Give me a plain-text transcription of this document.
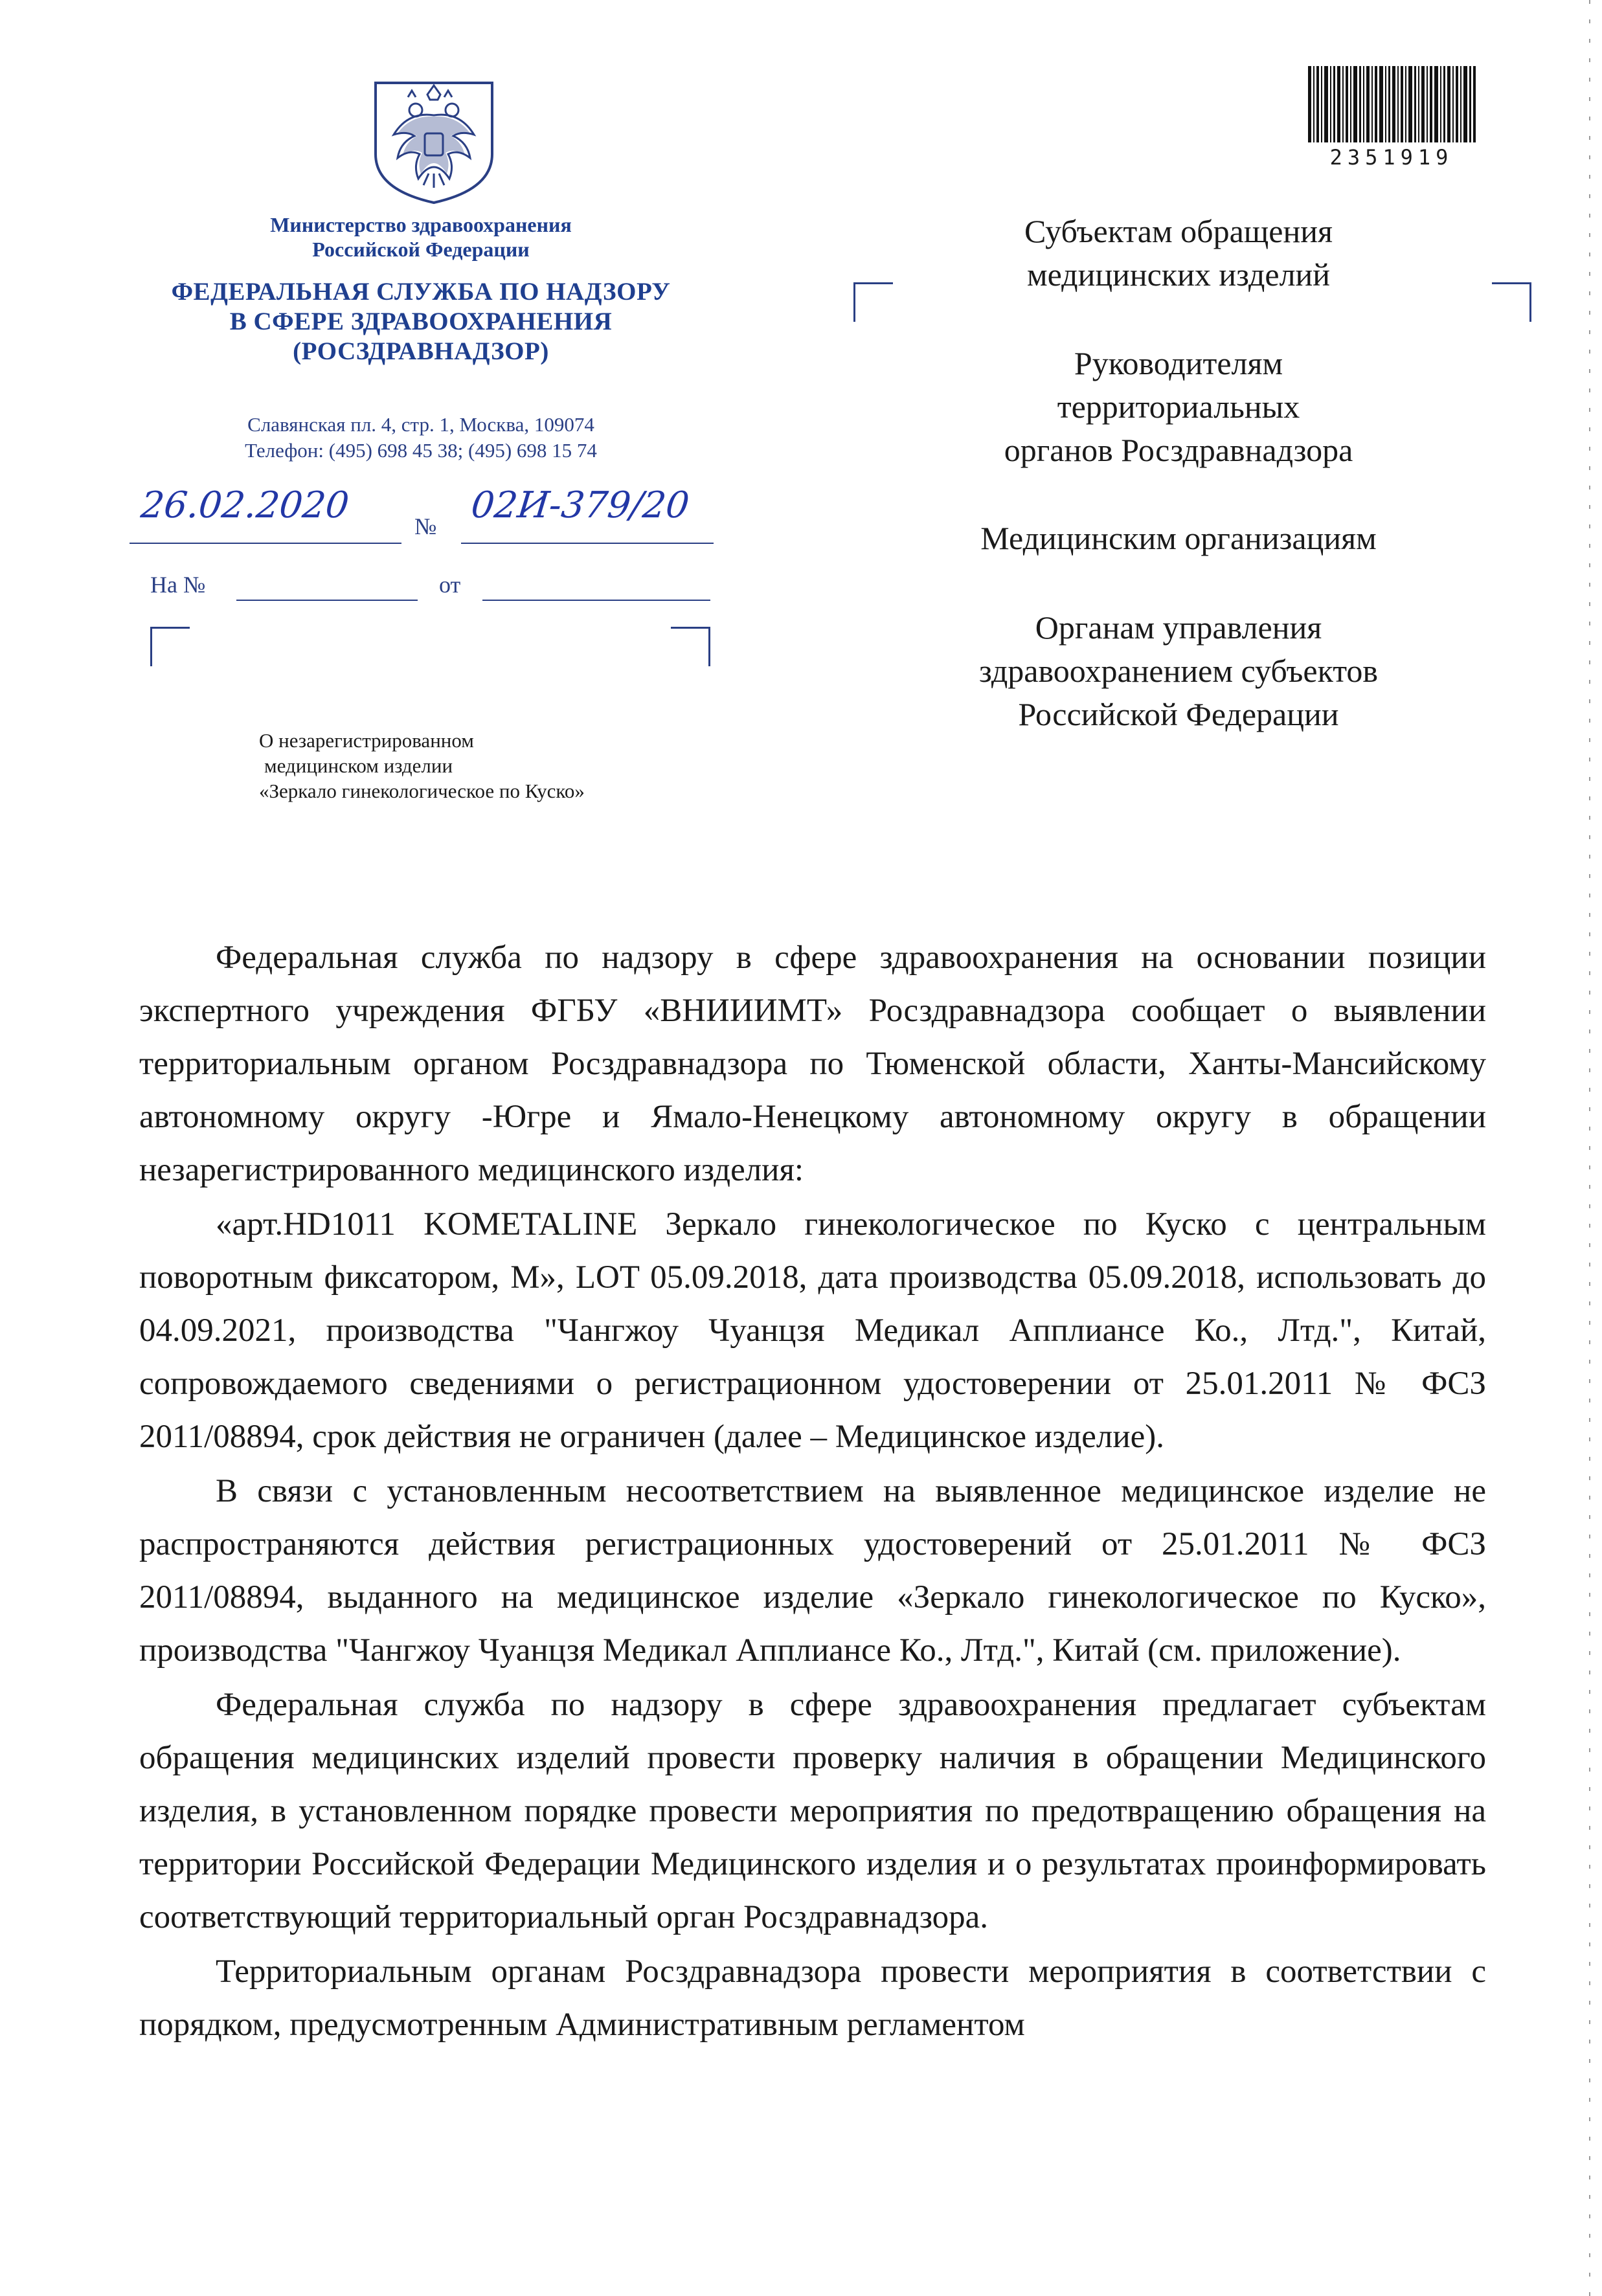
Министерство здравоохранения
Российской Федерации
ФЕДЕРАЛЬНАЯ СЛУЖБА ПО НАДЗОРУ
В СФЕРЕ ЗДРАВООХРАНЕНИЯ
(РОСЗДРАВНАДЗОР)
Славянская пл. 4, стр. 1, Москва, 109074
Телефон: (495) 698 45 38; (495) 698 15 74
26.02.2020	№ 02И-379/20
На №	от
О незарегистрированном
медицинском изделии
«Зеркало гинекологическое по Куско»
2351919
Субъектам обращения
медицинских изделий
Руководителям
территориальных
органов Росздравнадзора
Медицинским организациям
Органам управления
здравоохранением субъектов
Российской Федерации

Федеральная служба по надзору в сфере здравоохранения на основании позиции экспертного учреждения ФГБУ «ВНИИИМТ» Росздравнадзора сообщает о выявлении территориальным органом Росздравнадзора по Тюменской области, Ханты-Мансийскому автономному округу -Югре и Ямало-Ненецкому автономному округу в обращении незарегистрированного медицинского изделия:

«арт.HD1011 KOMETALINE Зеркало гинекологическое по Куско с центральным поворотным фиксатором, М», LOT 05.09.2018, дата производства 05.09.2018, использовать до 04.09.2021, производства "Чангжоу Чуанцзя Медикал Апплиансе Ко., Лтд.", Китай, сопровождаемого сведениями о регистрационном удостоверении от 25.01.2011 № ФСЗ 2011/08894, срок действия не ограничен (далее – Медицинское изделие).

В связи с установленным несоответствием на выявленное медицинское изделие не распространяются действия регистрационных удостоверений от 25.01.2011 № ФСЗ 2011/08894, выданного на медицинское изделие «Зеркало гинекологическое по Куско», производства "Чангжоу Чуанцзя Медикал Апплиансе Ко., Лтд.", Китай (см. приложение).

Федеральная служба по надзору в сфере здравоохранения предлагает субъектам обращения медицинских изделий провести проверку наличия в обращении Медицинского изделия, в установленном порядке провести мероприятия по предотвращению обращения на территории Российской Федерации Медицинского изделия и о результатах проинформировать соответствующий территориальный орган Росздравнадзора.

Территориальным органам Росздравнадзора провести мероприятия в соответствии с порядком, предусмотренным Административным регламентом
